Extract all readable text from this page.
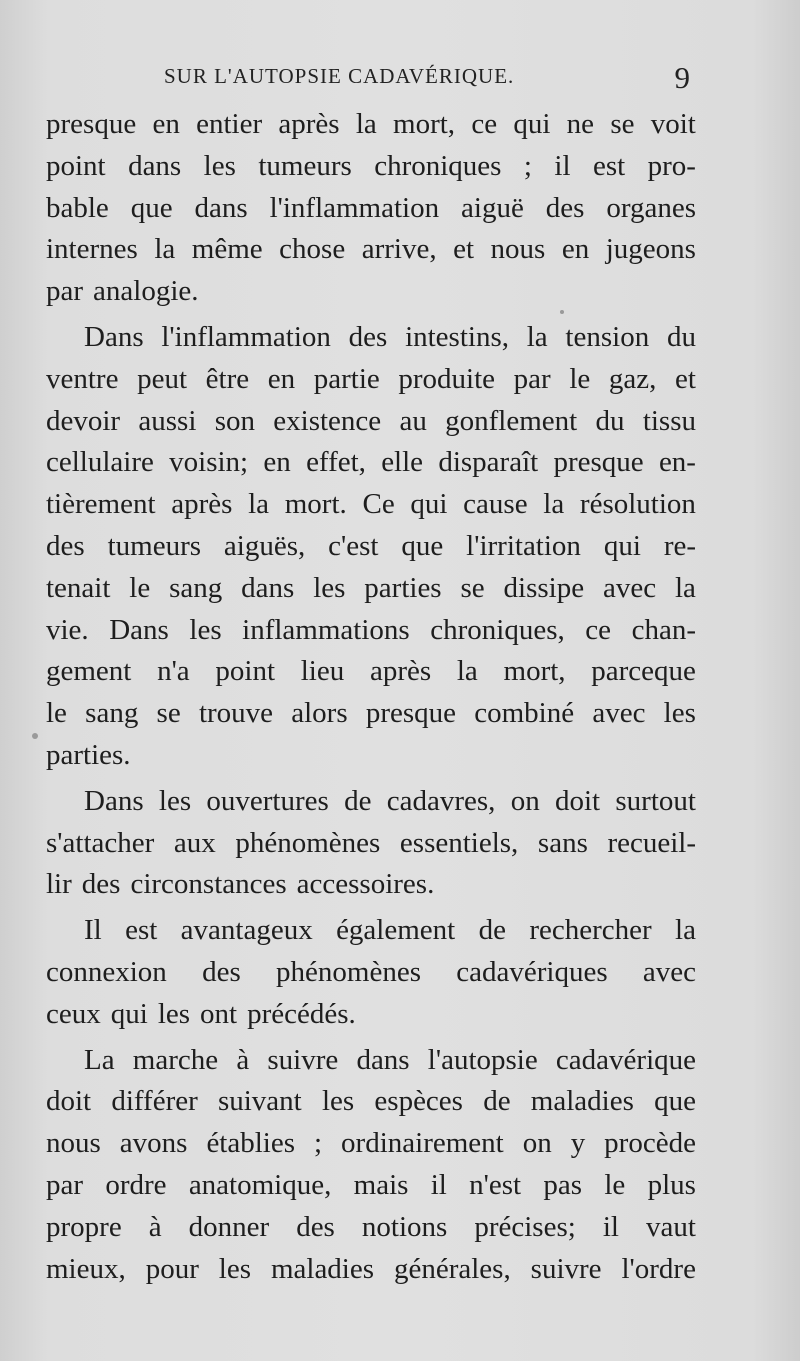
SUR L'AUTOPSIE CADAVÉRIQUE.	9
presque en entier après la mort, ce qui ne se voit
point dans les tumeurs chroniques ; il est pro-
bable que dans l'inflammation aiguë des organes
internes la même chose arrive, et nous en jugeons
par analogie.
Dans l'inflammation des intestins, la tension du
ventre peut être en partie produite par le gaz, et
devoir aussi son existence au gonflement du tissu
cellulaire voisin; en effet, elle disparaît presque en-
tièrement après la mort. Ce qui cause la résolution
des tumeurs aiguës, c'est que l'irritation qui re-
tenait le sang dans les parties se dissipe avec la
vie. Dans les inflammations chroniques, ce chan-
gement n'a point lieu après la mort, parceque
le sang se trouve alors presque combiné avec les
parties.
Dans les ouvertures de cadavres, on doit surtout
s'attacher aux phénomènes essentiels, sans recueil-
lir des circonstances accessoires.
Il est avantageux également de rechercher la
connexion des phénomènes cadavériques avec
ceux qui les ont précédés.
La marche à suivre dans l'autopsie cadavérique
doit différer suivant les espèces de maladies que
nous avons établies ; ordinairement on y procède
par ordre anatomique, mais il n'est pas le plus
propre à donner des notions précises; il vaut
mieux, pour les maladies générales, suivre l'ordre
